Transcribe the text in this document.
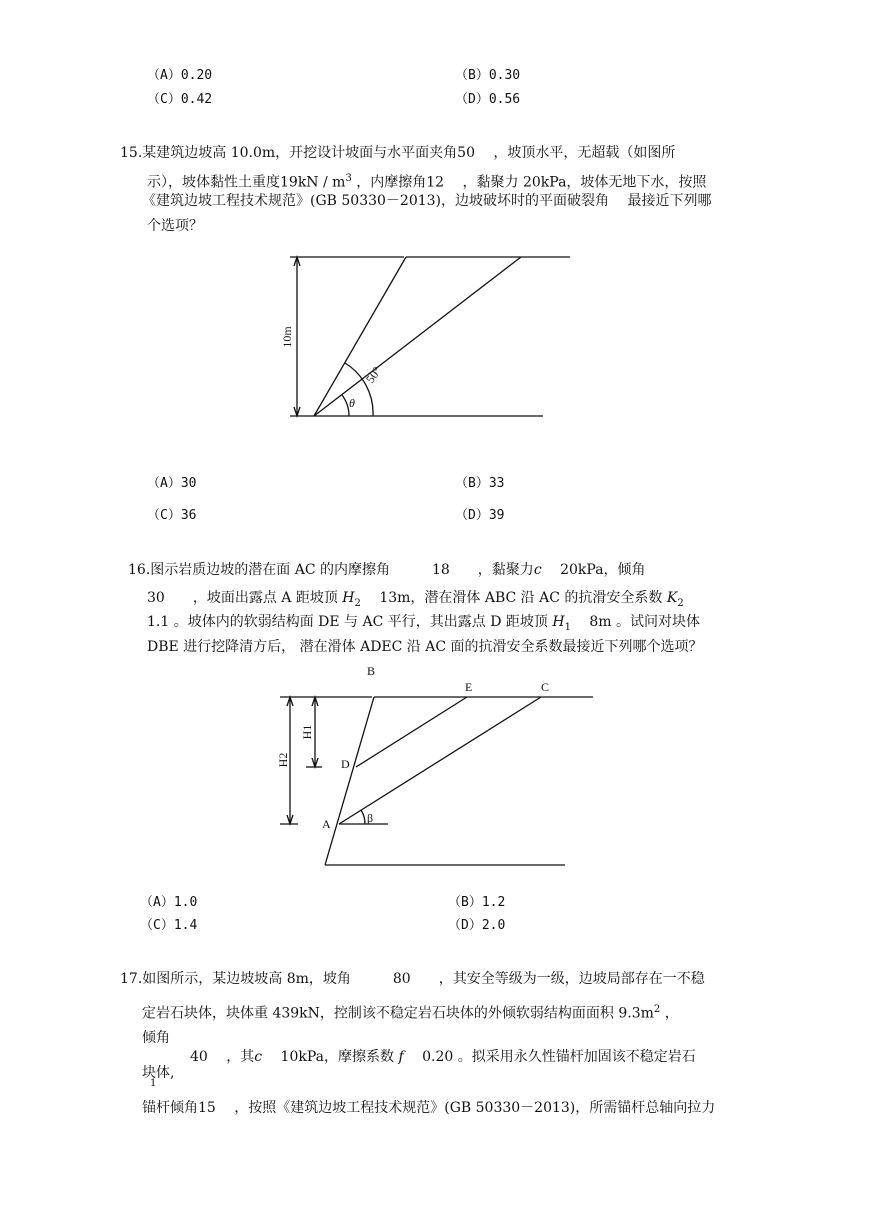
（A）0.20	（B）0.30
（C）0.42	（D）0.56
15.某建筑边坡高 10.0m，开挖设计坡面与水平面夹角50　 ，坡顶水平，无超载（如图所
示），坡体黏性土重度$19kN / m^3$ ，内摩擦角12　 ，黏聚力 20kPa，坡体无地下水，按照
《建筑边坡工程技术规范》(GB 50330－2013)，边坡破坏时的平面破裂角　 最接近下列哪
个选项？
10m
50°
θ
（A）30	（B）33
（C）36	（D）39
16.图示岩质边坡的潜在面 AC 的内摩擦角　　　18　　，黏聚力c　 20kPa，倾角
30　　，坡面出露点 A 距坡顶 $H_2$　 13m，潜在滑体 ABC 沿 AC 的抗滑安全系数 $K_2$
1.1 。坡体内的软弱结构面 DE 与 AC 平行，其出露点 D 距坡顶 $H_1$　 8m 。试问对块体
DBE 进行挖降清方后， 潜在滑体 ADEC 沿 AC 面的抗滑安全系数最接近下列哪个选项？
B
E	C
D
A	β
H2
H1
（A）1.0	（B）1.2
（C）1.4	（D）2.0
17.如图所示，某边坡坡高 8m，坡角　　　80　　，其安全等级为一级，边坡局部存在一不稳
定岩石块体，块体重 439kN，控制该不稳定岩石块体的外倾软弱结构面面积 $9.3m^2$ ，
倾角
40　 ，其c　 10kPa，摩擦系数 f　 0.20 。拟采用永久性锚杆加固该不稳定岩石
块体,
1
锚杆倾角15　 ，按照《建筑边坡工程技术规范》(GB 50330－2013)，所需锚杆总轴向拉力
